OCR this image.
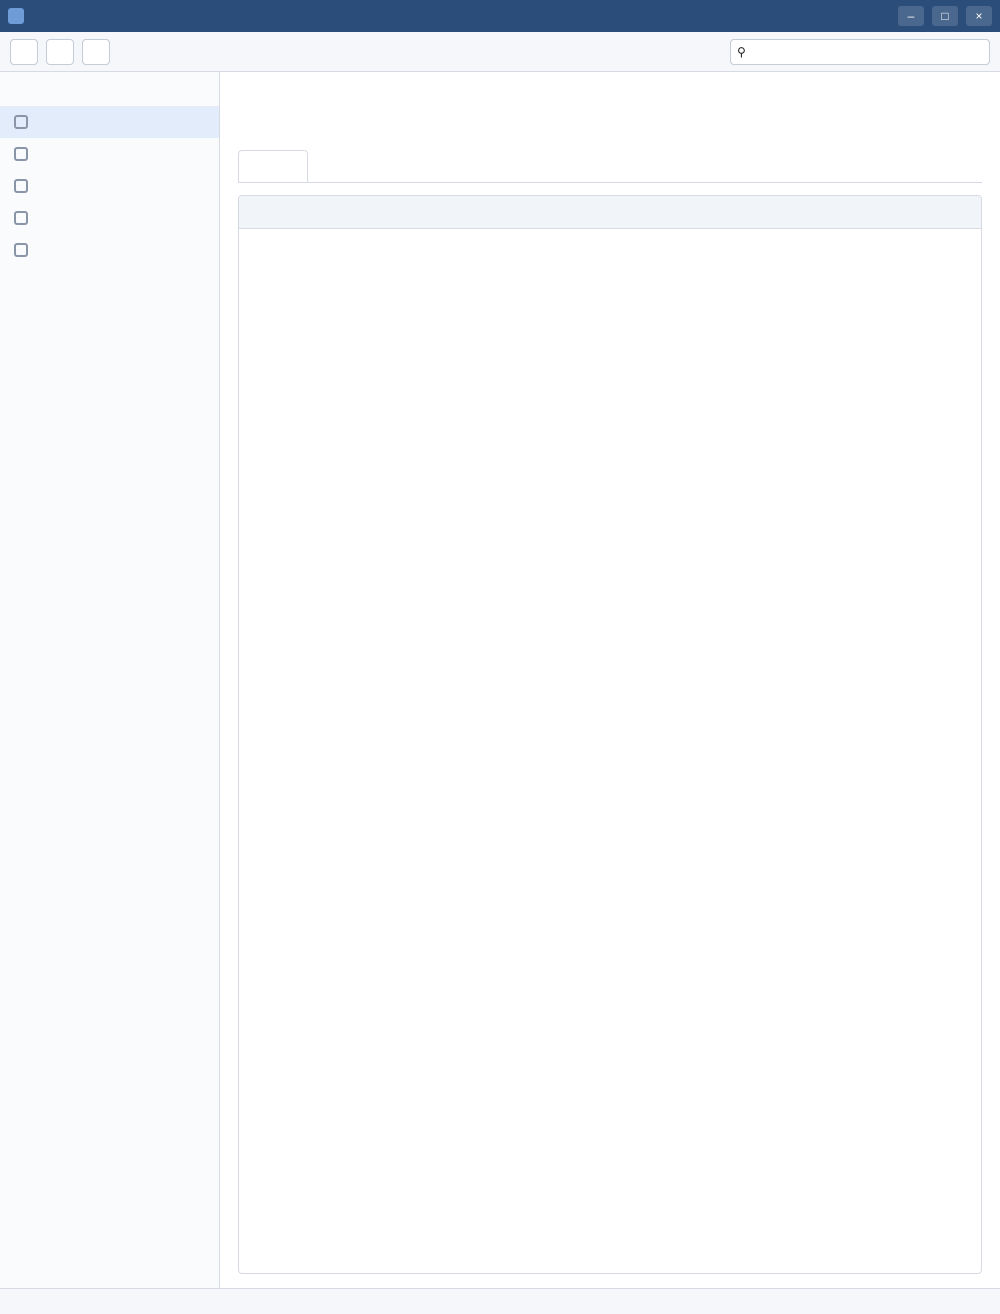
–	□	×
⚲
